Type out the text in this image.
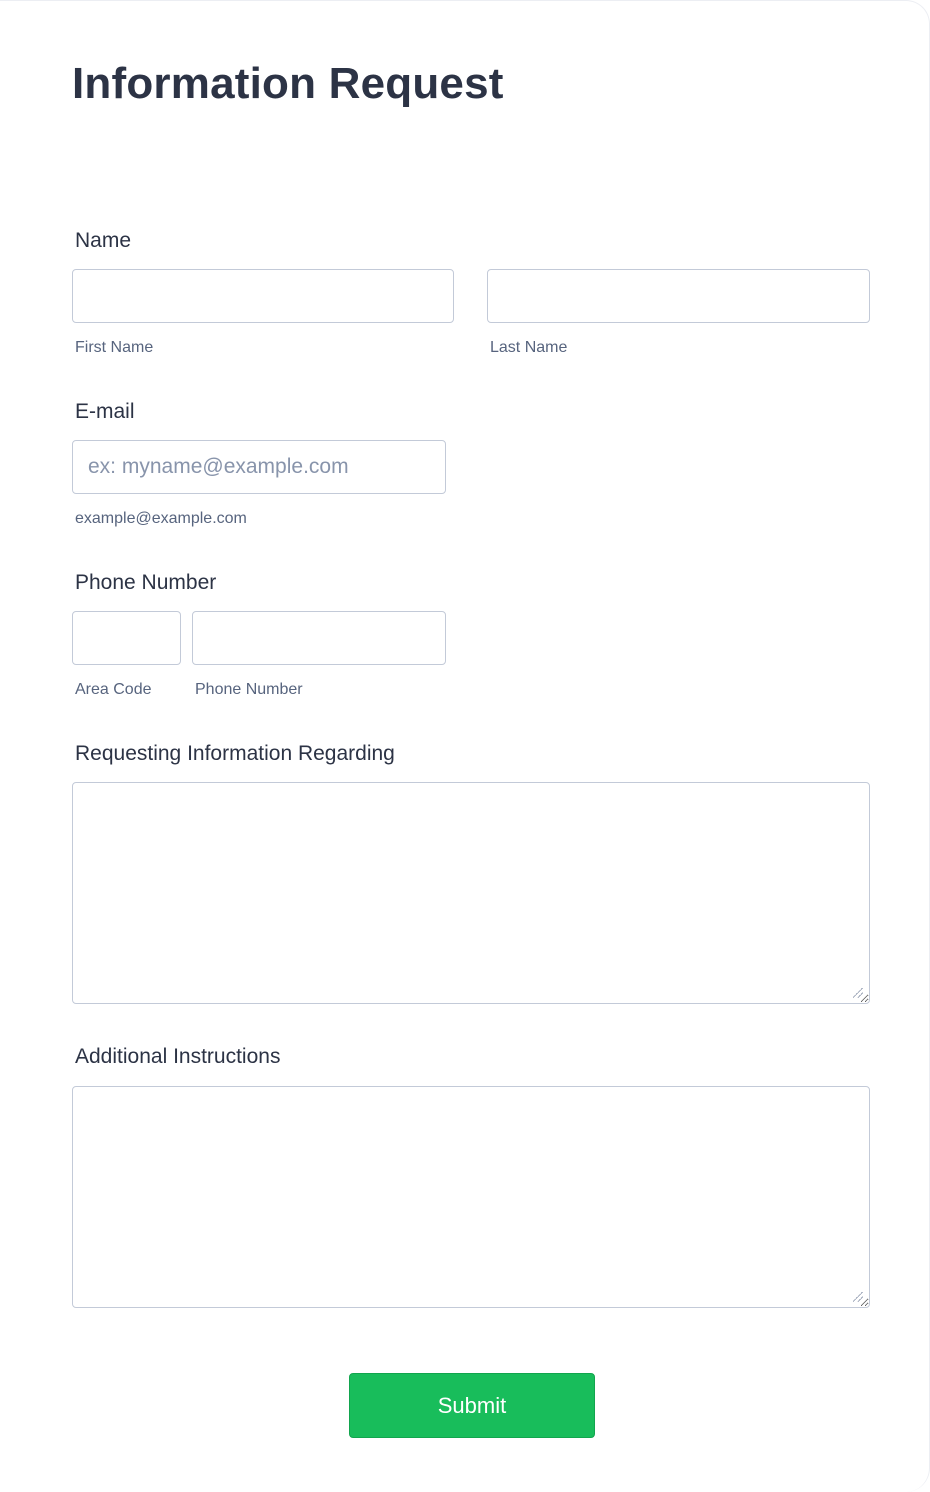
Information Request
Name
First Name	Last Name
E-mail
ex: myname@example.com
example@example.com
Phone Number
Area Code	Phone Number
Requesting Information Regarding
Additional Instructions
Submit
